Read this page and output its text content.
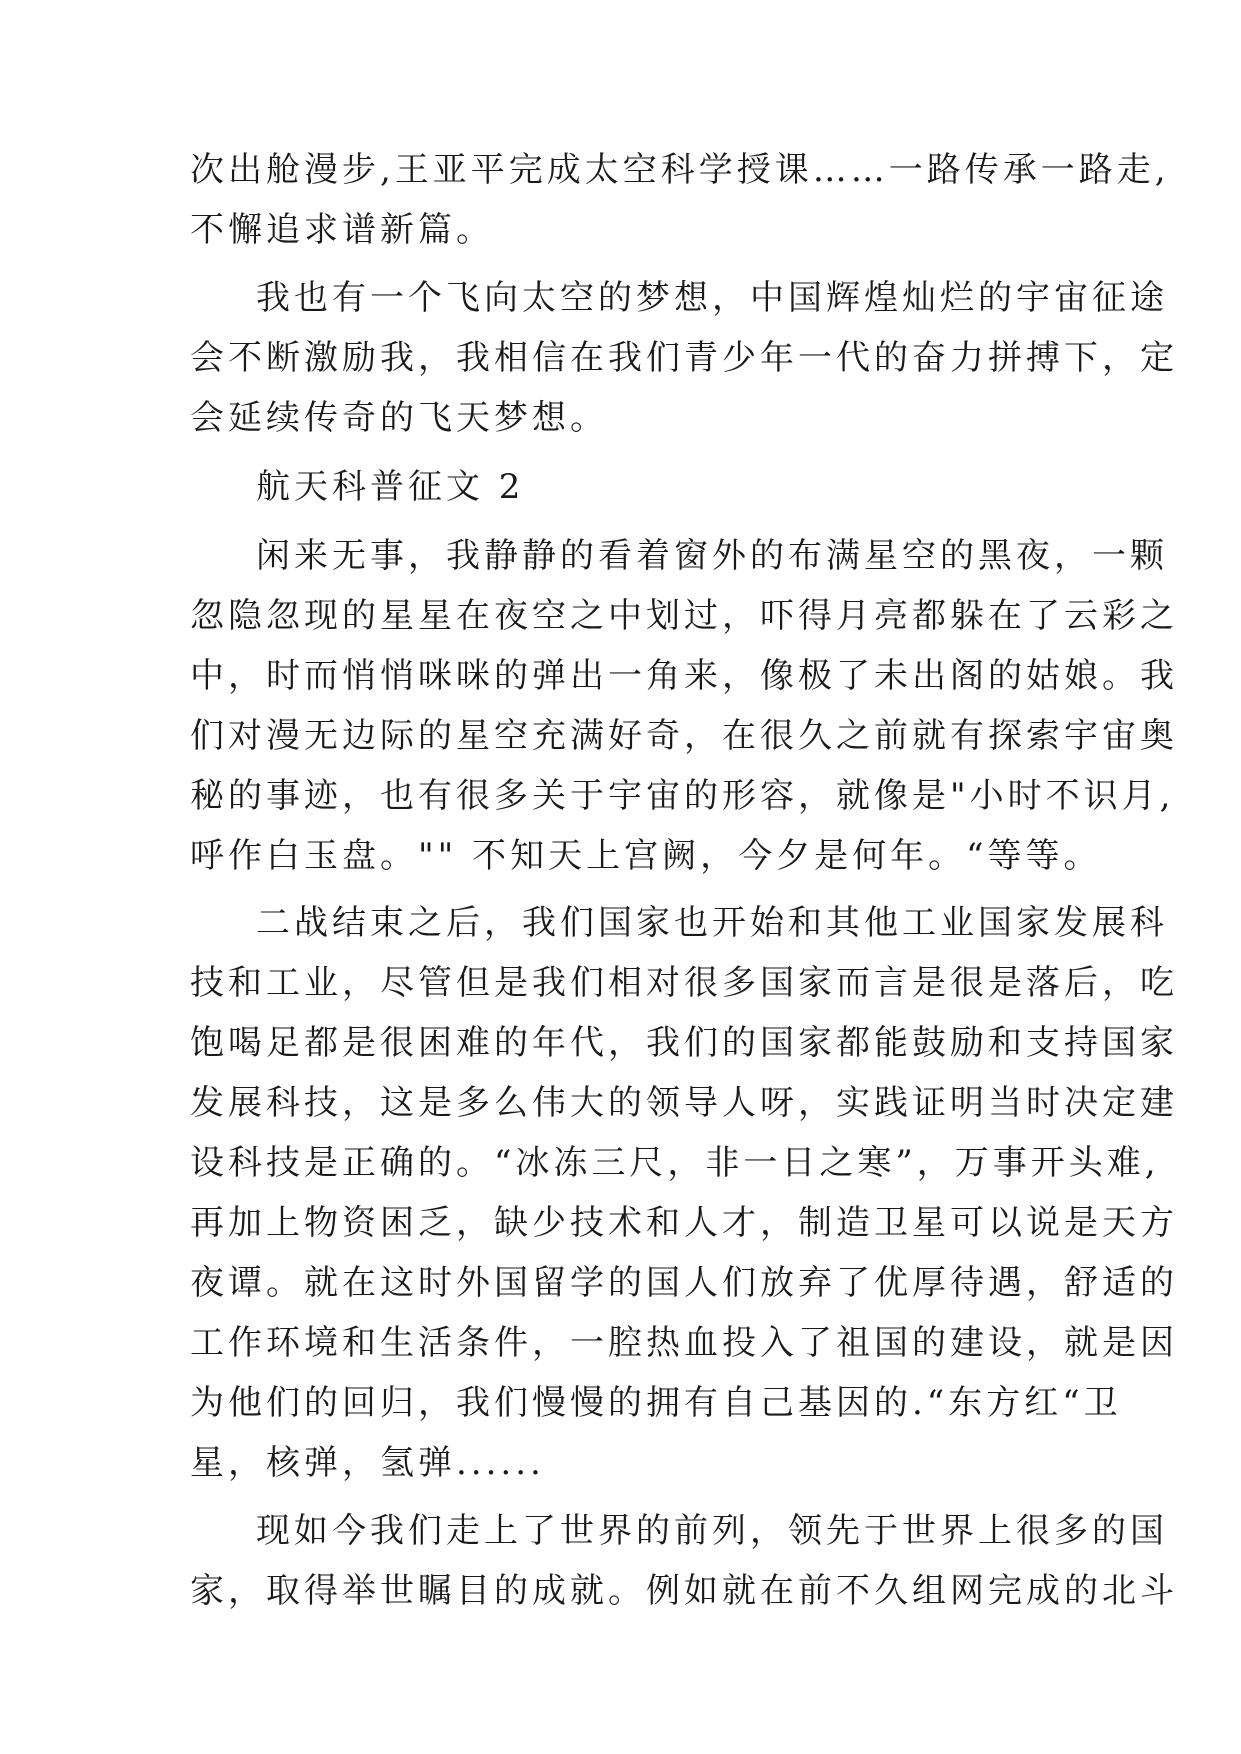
次出舱漫步,王亚平完成太空科学授课……一路传承一路走,

不懈追求谱新篇。

我也有一个飞向太空的梦想，中国辉煌灿烂的宇宙征途

会不断激励我，我相信在我们青少年一代的奋力拼搏下，定

会延续传奇的飞天梦想。

航天科普征文 2

闲来无事，我静静的看着窗外的布满星空的黑夜，一颗

忽隐忽现的星星在夜空之中划过，吓得月亮都躲在了云彩之

中，时而悄悄咪咪的弹出一角来，像极了未出阁的姑娘。我

们对漫无边际的星空充满好奇，在很久之前就有探索宇宙奥

秘的事迹，也有很多关于宇宙的形容，就像是"小时不识月,

呼作白玉盘。"" 不知天上宫阙，今夕是何年。“等等。

二战结束之后，我们国家也开始和其他工业国家发展科

技和工业，尽管但是我们相对很多国家而言是很是落后，吃

饱喝足都是很困难的年代，我们的国家都能鼓励和支持国家

发展科技，这是多么伟大的领导人呀，实践证明当时决定建

设科技是正确的。“冰冻三尺，非一日之寒”，万事开头难,

再加上物资困乏，缺少技术和人才，制造卫星可以说是天方

夜谭。就在这时外国留学的国人们放弃了优厚待遇，舒适的

工作环境和生活条件，一腔热血投入了祖国的建设，就是因

为他们的回归，我们慢慢的拥有自己基因的.“东方红“卫

星，核弹，氢弹......

现如今我们走上了世界的前列，领先于世界上很多的国

家，取得举世瞩目的成就。例如就在前不久组网完成的北斗
